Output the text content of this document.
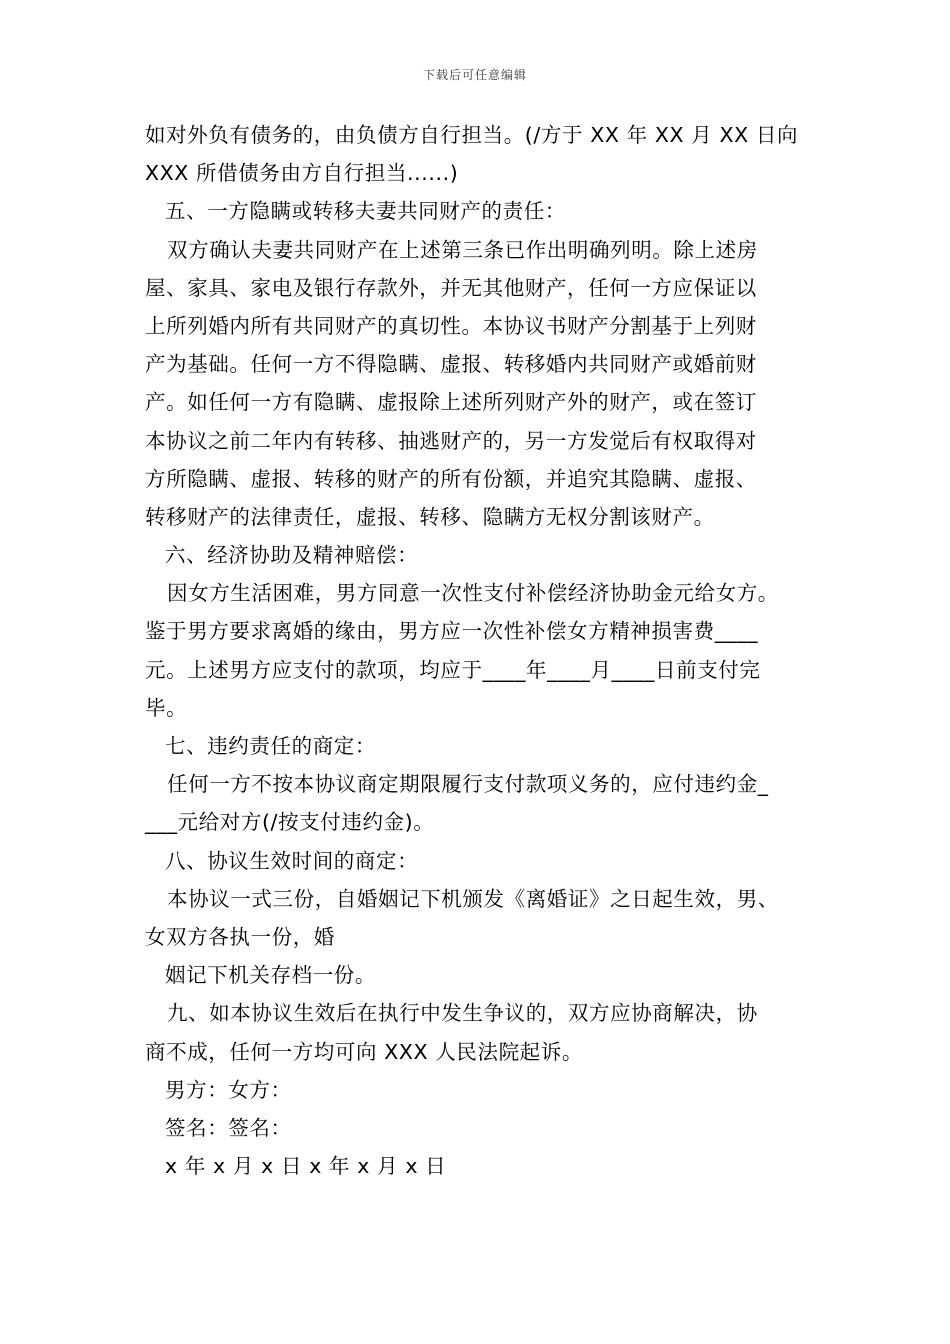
下载后可任意编辑
如对外负有债务的，由负债方自行担当。(/方于 XX 年 XX 月 XX 日向
XXX 所借债务由方自行担当......)
五、一方隐瞒或转移夫妻共同财产的责任：
双方确认夫妻共同财产在上述第三条已作出明确列明。除上述房
屋、家具、家电及银行存款外，并无其他财产，任何一方应保证以
上所列婚内所有共同财产的真切性。本协议书财产分割基于上列财
产为基础。任何一方不得隐瞒、虚报、转移婚内共同财产或婚前财
产。如任何一方有隐瞒、虚报除上述所列财产外的财产，或在签订
本协议之前二年内有转移、抽逃财产的，另一方发觉后有权取得对
方所隐瞒、虚报、转移的财产的所有份额，并追究其隐瞒、虚报、
转移财产的法律责任，虚报、转移、隐瞒方无权分割该财产。
六、经济协助及精神赔偿：
因女方生活困难，男方同意一次性支付补偿经济协助金元给女方。
鉴于男方要求离婚的缘由，男方应一次性补偿女方精神损害费____
元。上述男方应支付的款项，均应于____年____月____日前支付完
毕。
七、违约责任的商定：
任何一方不按本协议商定期限履行支付款项义务的，应付违约金_
___元给对方(/按支付违约金)。
八、协议生效时间的商定：
本协议一式三份，自婚姻记下机颁发《离婚证》之日起生效，男、
女双方各执一份，婚
姻记下机关存档一份。
九、如本协议生效后在执行中发生争议的，双方应协商解决，协
商不成，任何一方均可向 XXX 人民法院起诉。
男方：女方：
签名：签名：
x 年 x 月 x 日 x 年 x 月 x 日
